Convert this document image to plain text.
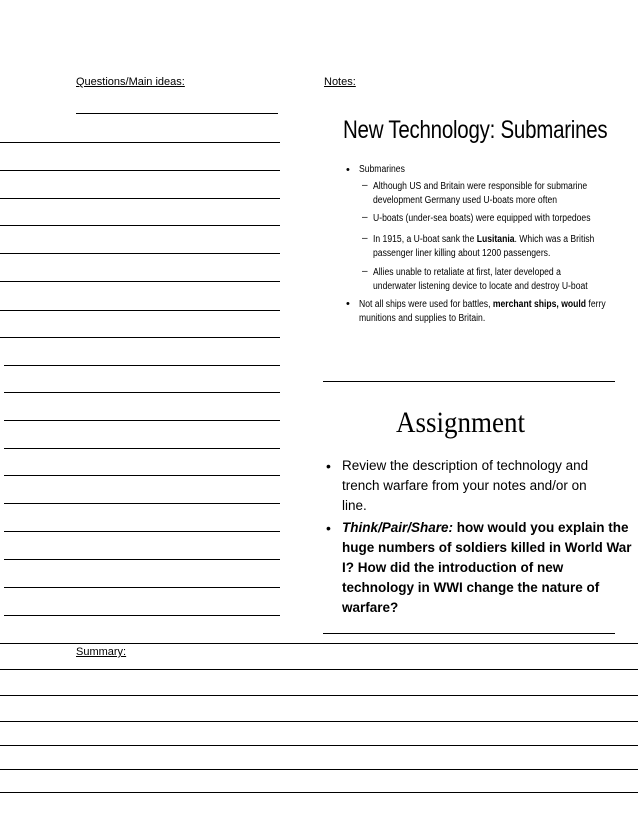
Questions/Main ideas:	Notes:
Summary:
New Technology: Submarines
• Submarines
– Although US and Britain were responsible for submarine
development Germany used U-boats more often
– U-boats (under-sea boats) were equipped with torpedoes
– In 1915, a U-boat sank the Lusitania. Which was a British
passenger liner killing about 1200 passengers.
– Allies unable to retaliate at first, later developed a
underwater listening device to locate and destroy U-boat
• Not all ships were used for battles, merchant ships, would ferry
munitions and supplies to Britain.
Assignment
• Review the description of technology and
trench warfare from your notes and/or on
line.
• Think/Pair/Share: how would you explain the
huge numbers of soldiers killed in World War
I? How did the introduction of new
technology in WWI change the nature of
warfare?
